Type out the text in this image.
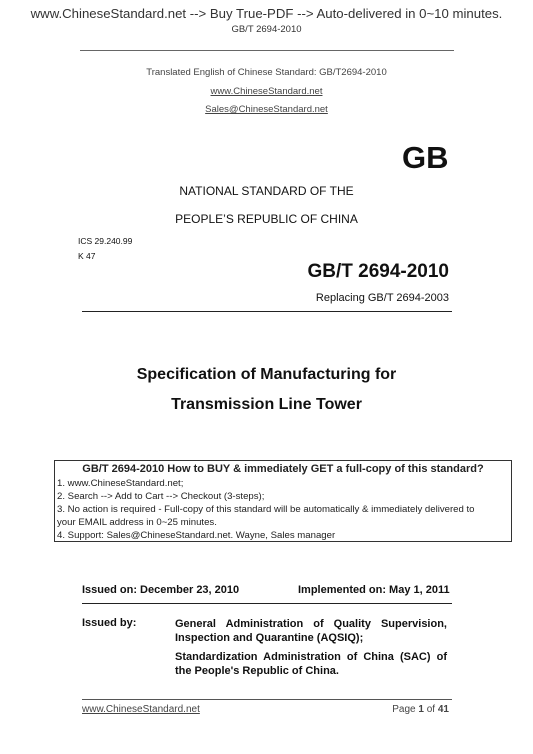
www.ChineseStandard.net --> Buy True-PDF --> Auto-delivered in 0~10 minutes.
GB/T 2694-2010
Translated English of Chinese Standard: GB/T2694-2010
www.ChineseStandard.net
Sales@ChineseStandard.net
GB
NATIONAL STANDARD OF THE
PEOPLE’S REPUBLIC OF CHINA
ICS 29.240.99
K 47
GB/T 2694-2010
Replacing GB/T 2694-2003
Specification of Manufacturing for
Transmission Line Tower
GB/T 2694-2010 How to BUY & immediately GET a full-copy of this standard?
1. www.ChineseStandard.net;
2. Search --> Add to Cart --> Checkout (3-steps);
3. No action is required - Full-copy of this standard will be automatically & immediately delivered to
your EMAIL address in 0~25 minutes.
4. Support: Sales@ChineseStandard.net. Wayne, Sales manager
Issued on: December 23, 2010	Implemented on: May 1, 2011
Issued by:	General Administration of Quality Supervision, Inspection and Quarantine (AQSIQ);
Standardization Administration of China (SAC) of the People's Republic of China.
www.ChineseStandard.net	Page 1 of 41
